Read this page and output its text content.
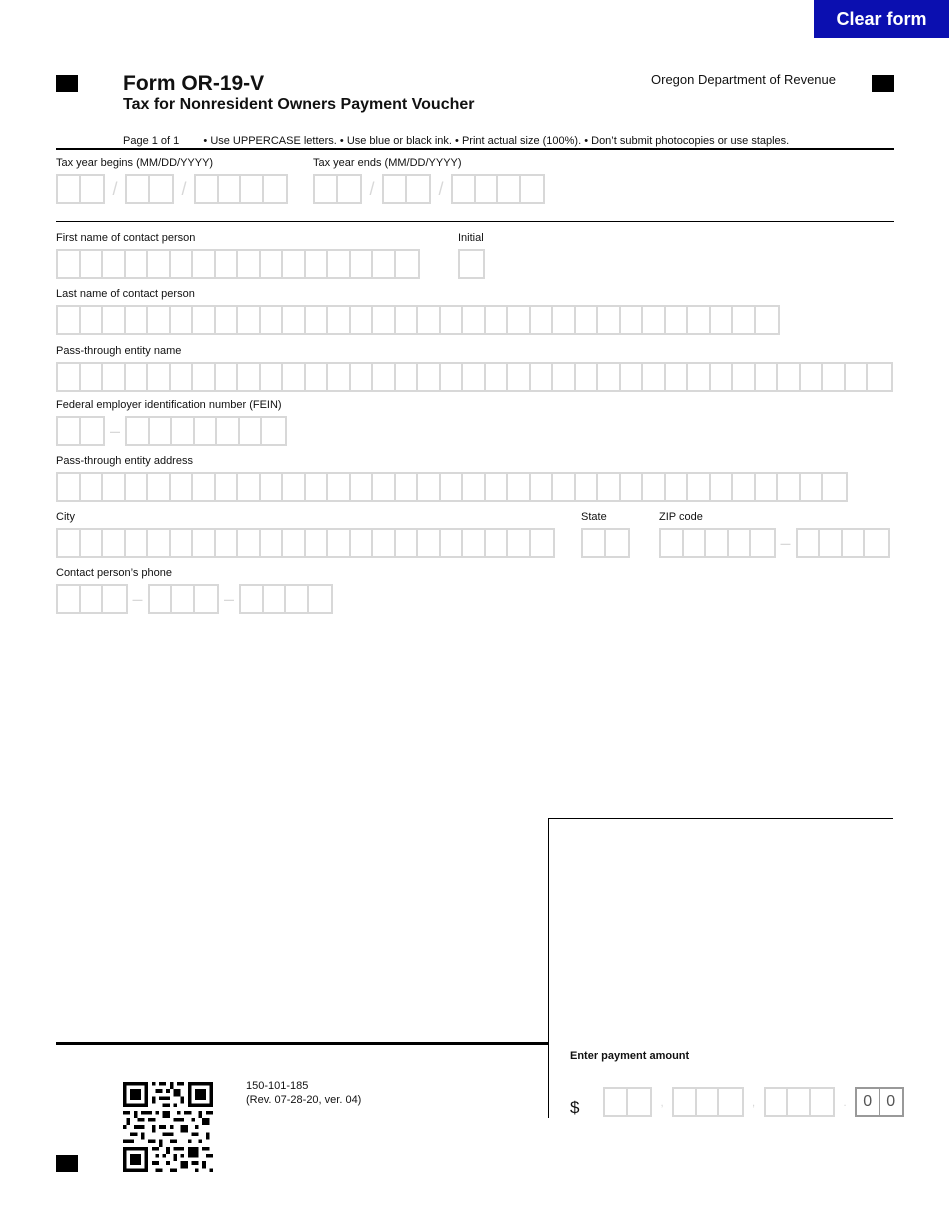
Clear form
Form OR-19-V
Tax for Nonresident Owners Payment Voucher
Oregon Department of Revenue
Page 1 of 1 • Use UPPERCASE letters. • Use blue or black ink. • Print actual size (100%). • Don’t submit photocopies or use staples.
Tax year begins (MM/DD/YYYY)
/	/
Tax year ends (MM/DD/YYYY)
/	/
First name of contact person	Initial
Last name of contact person
Pass-through entity name
Federal employer identification number (FEIN)
–
Pass-through entity address
City	State	ZIP code
–
Contact person’s phone
–	–
Enter payment amount
$	,	,	.	0 0
150-101-185
(Rev. 07-28-20, ver. 04)
